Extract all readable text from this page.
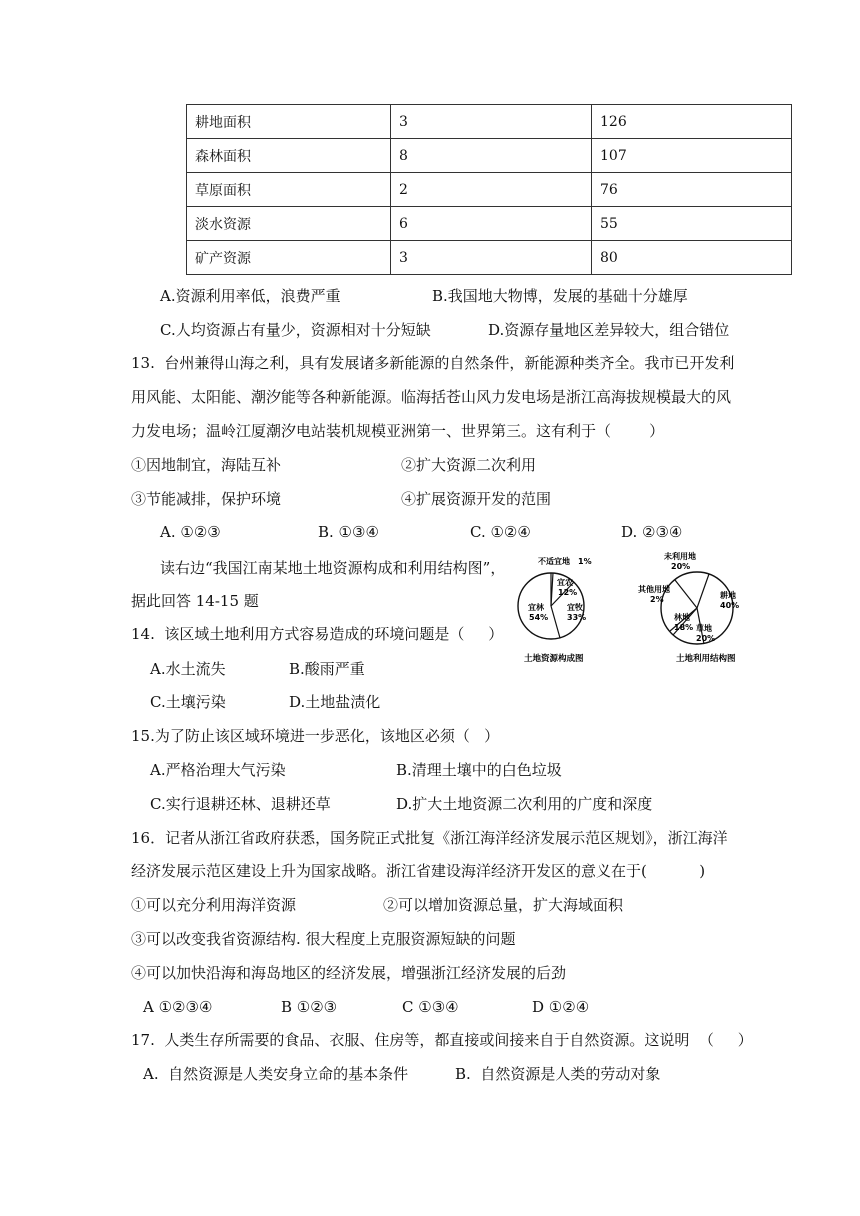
耕地面积	3	126
森林面积	8	107
草原面积	2	76
淡水资源	6	55
矿产资源	3	80
A.资源利用率低，浪费严重	B.我国地大物博，发展的基础十分雄厚
C.人均资源占有量少，资源相对十分短缺	D.资源存量地区差异较大，组合错位
13.  台州兼得山海之利，具有发展诸多新能源的自然条件，新能源种类齐全。我市已开发利
用风能、太阳能、潮汐能等各种新能源。临海括苍山风力发电场是浙江高海拔规模最大的风
力发电场；温岭江厦潮汐电站装机规模亚洲第一、世界第三。这有利于（        ）
①因地制宜，海陆互补	②扩大资源二次利用
③节能减排，保护环境	④扩展资源开发的范围
A. ①②③	B. ①③④	C. ①②④	D. ②③④
读右边“我国江南某地土地资源构成和利用结构图”，
据此回答 14-15 题
14.  该区域土地利用方式容易造成的环境问题是（     ）
A.水土流失	B.酸雨严重
C.土壤污染	D.土地盐渍化
15.为了防止该区域环境进一步恶化，该地区必须（   ）
A.严格治理大气污染	B.清理土壤中的白色垃圾
C.实行退耕还林、退耕还草	D.扩大土地资源二次利用的广度和深度
16．记者从浙江省政府获悉，国务院正式批复《浙江海洋经济发展示范区规划》，浙江海洋
经济发展示范区建设上升为国家战略。浙江省建设海洋经济开发区的意义在于(           )
①可以充分利用海洋资源	②可以增加资源总量，扩大海域面积
③可以改变我省资源结构. 很大程度上克服资源短缺的问题
④可以加快沿海和海岛地区的经济发展，增强浙江经济发展的后劲
A ①②③④	B ①②③	C ①③④	D ①②④
17.  人类生存所需要的食品、衣服、住房等，都直接或间接来自于自然资源。这说明  （     ）
A.  自然资源是人类安身立命的基本条件	B.  自然资源是人类的劳动对象
不适宜地 1%
宜农
12%
宜牧
33%
宜林
54%
土地资源构成图
未利用地
20%
耕地
40%
草地
20%
林地
18%
其他用地
2%
土地利用结构图
